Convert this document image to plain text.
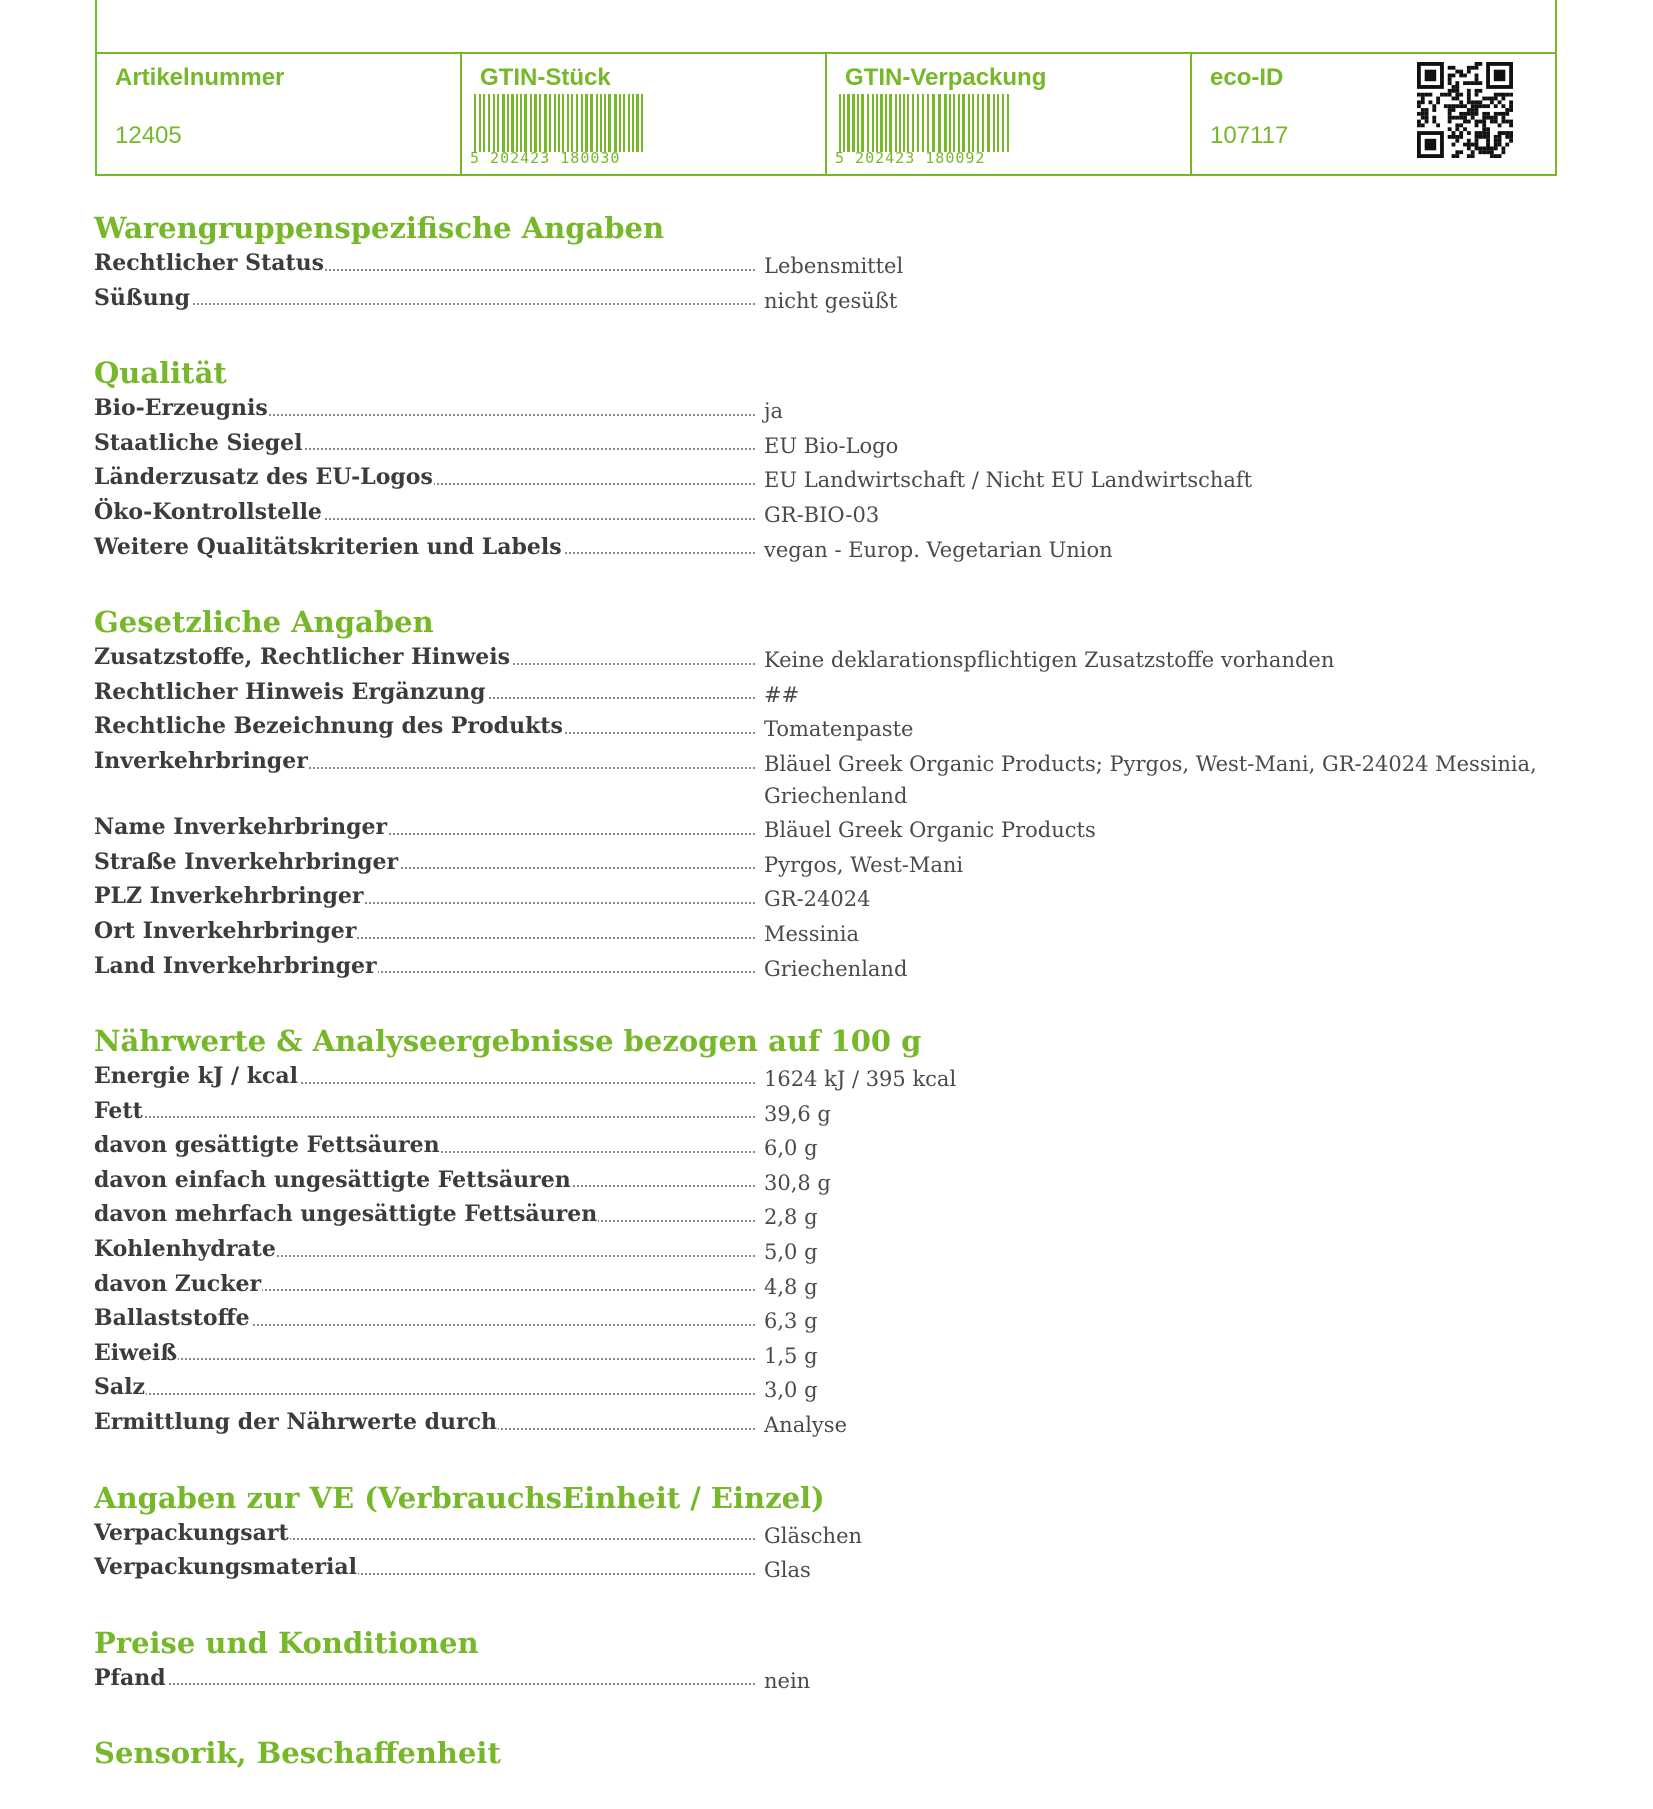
Artikelnummer
12405
GTIN-Stück
5 202423 180030
GTIN-Verpackung
5 202423 180092
eco-ID
107117
Warengruppenspezifische Angaben
Rechtlicher Status	Lebensmittel
Süßung	nicht gesüßt
Qualität
Bio-Erzeugnis	ja
Staatliche Siegel	EU Bio-Logo
Länderzusatz des EU-Logos	EU Landwirtschaft / Nicht EU Landwirtschaft
Öko-Kontrollstelle	GR-BIO-03
Weitere Qualitätskriterien und Labels	vegan - Europ. Vegetarian Union
Gesetzliche Angaben
Zusatzstoffe, Rechtlicher Hinweis	Keine deklarationspflichtigen Zusatzstoffe vorhanden
Rechtlicher Hinweis Ergänzung	##
Rechtliche Bezeichnung des Produkts	Tomatenpaste
Inverkehrbringer	Bläuel Greek Organic Products; Pyrgos, West-Mani, GR-24024 Messinia, Griechenland
Name Inverkehrbringer	Bläuel Greek Organic Products
Straße Inverkehrbringer	Pyrgos, West-Mani
PLZ Inverkehrbringer	GR-24024
Ort Inverkehrbringer	Messinia
Land Inverkehrbringer	Griechenland
Nährwerte & Analyseergebnisse bezogen auf 100 g
Energie kJ / kcal	1624 kJ / 395 kcal
Fett	39,6 g
davon gesättigte Fettsäuren	6,0 g
davon einfach ungesättigte Fettsäuren	30,8 g
davon mehrfach ungesättigte Fettsäuren	2,8 g
Kohlenhydrate	5,0 g
davon Zucker	4,8 g
Ballaststoffe	6,3 g
Eiweiß	1,5 g
Salz	3,0 g
Ermittlung der Nährwerte durch	Analyse
Angaben zur VE (VerbrauchsEinheit / Einzel)
Verpackungsart	Gläschen
Verpackungsmaterial	Glas
Preise und Konditionen
Pfand	nein
Sensorik, Beschaffenheit
